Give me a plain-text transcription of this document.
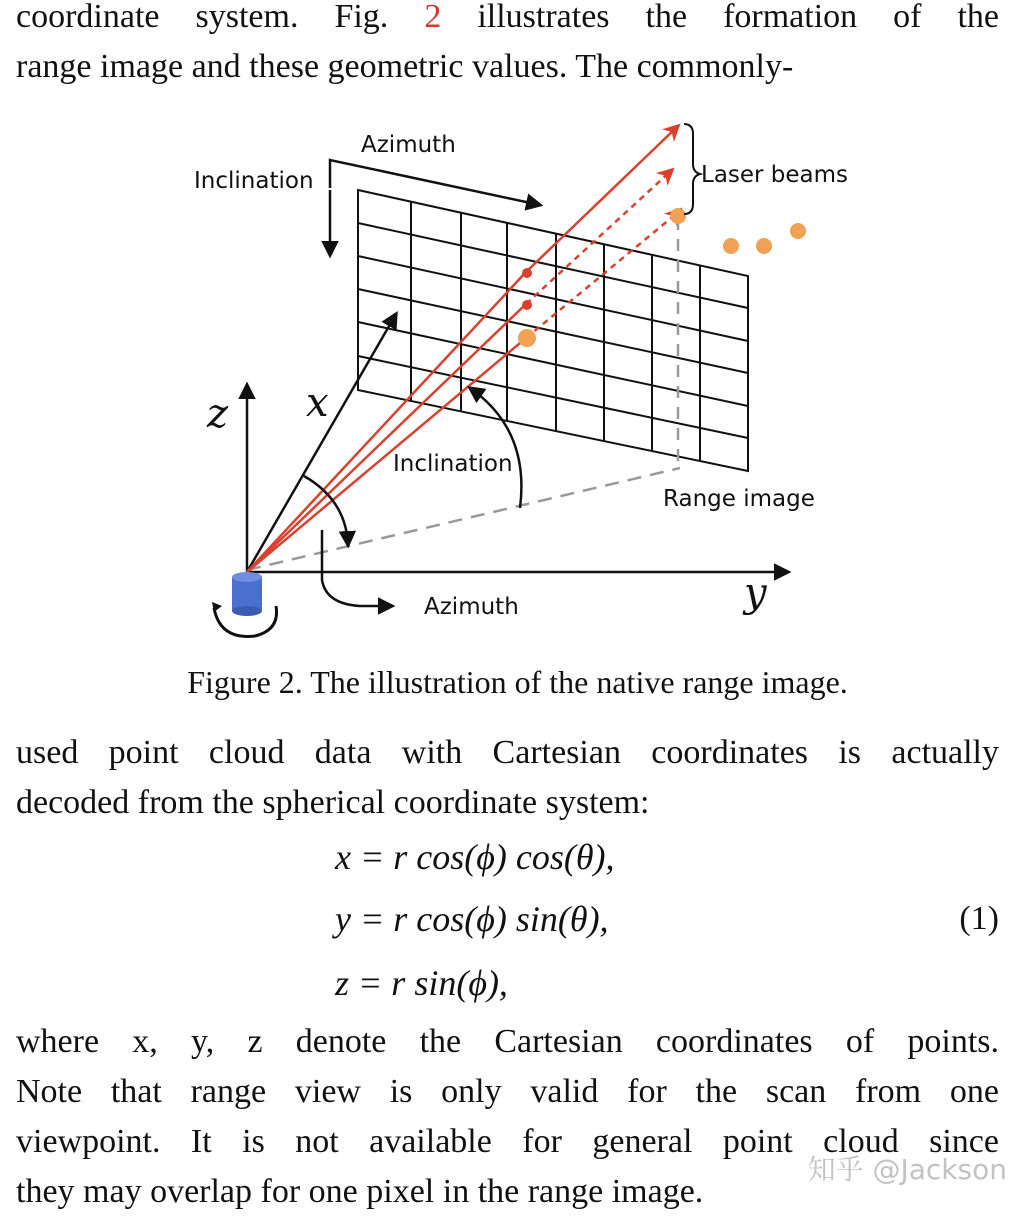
coordinate system. Fig. 2 illustrates the formation of the
range image and these geometric values. The commonly-
Azimuth
Inclination	Laser beams
Inclination
Range image
Azimuth
z x
y
Figure 2. The illustration of the native range image.
used point cloud data with Cartesian coordinates is actually
decoded from the spherical coordinate system:
x = r cos(ϕ) cos(θ),
y = r cos(ϕ) sin(θ),
z = r sin(ϕ),
(1)
where x, y, z denote the Cartesian coordinates of points.
Note that range view is only valid for the scan from one
viewpoint. It is not available for general point cloud since
they may overlap for one pixel in the range image.
知乎 @Jackson
